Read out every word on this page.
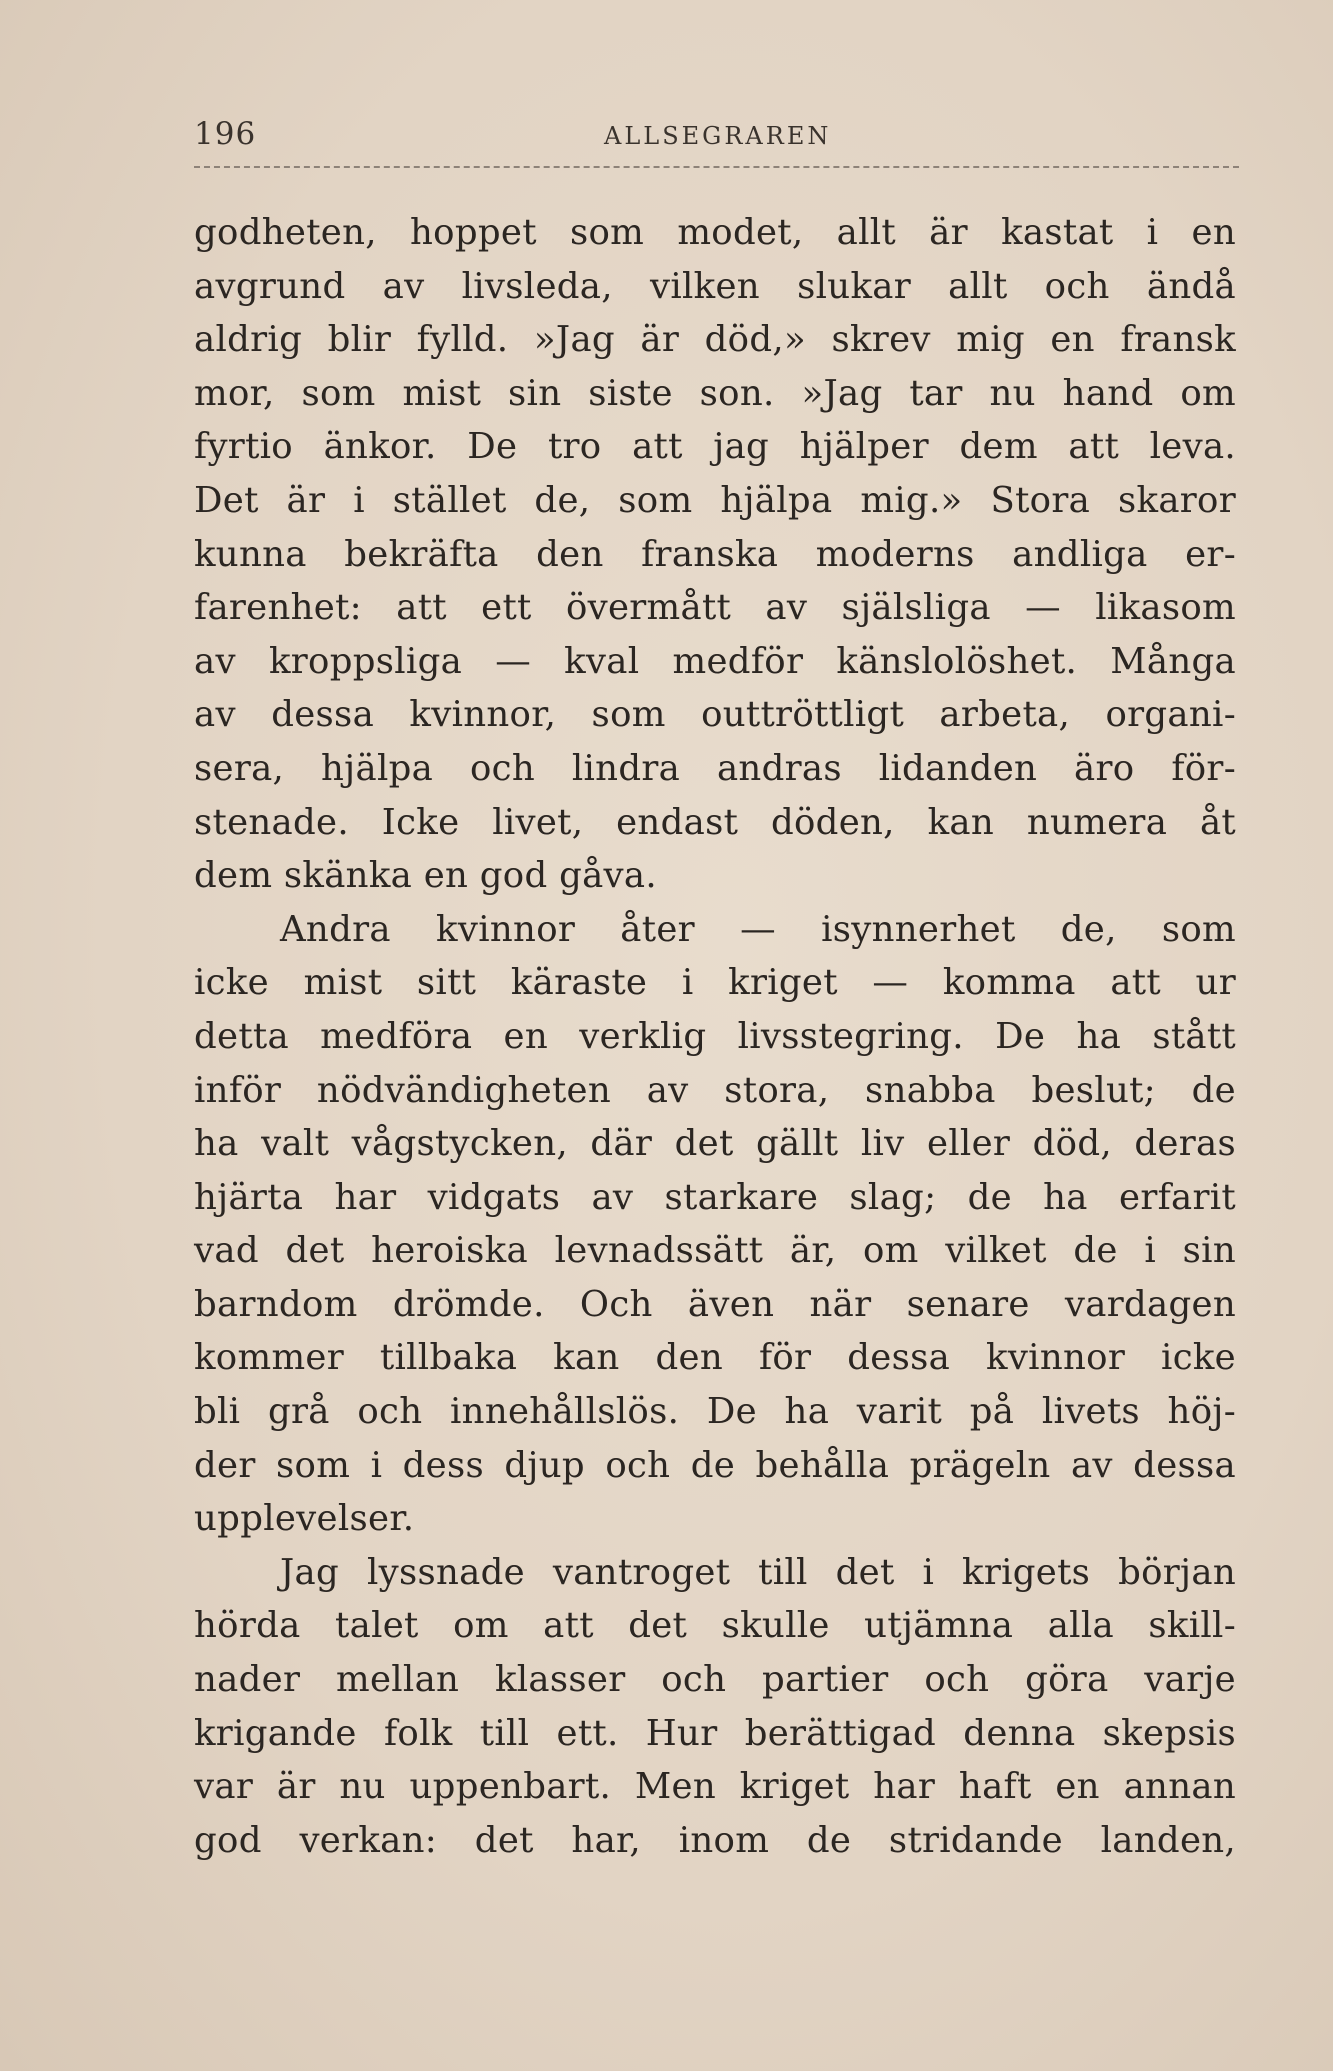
196	ALLSEGRAREN
godheten, hoppet som modet, allt är kastat i en
avgrund av livsleda, vilken slukar allt och ändå
aldrig blir fylld. »Jag är död,» skrev mig en fransk
mor, som mist sin siste son. »Jag tar nu hand om
fyrtio änkor. De tro att jag hjälper dem att leva.
Det är i stället de, som hjälpa mig.» Stora skaror
kunna bekräfta den franska moderns andliga er-
farenhet: att ett övermått av själsliga — likasom
av kroppsliga — kval medför känslolöshet. Många
av dessa kvinnor, som outtröttligt arbeta, organi-
sera, hjälpa och lindra andras lidanden äro för-
stenade. Icke livet, endast döden, kan numera åt
dem skänka en god gåva.
Andra kvinnor åter — isynnerhet de, som
icke mist sitt käraste i kriget — komma att ur
detta medföra en verklig livsstegring. De ha stått
inför nödvändigheten av stora, snabba beslut; de
ha valt vågstycken, där det gällt liv eller död, deras
hjärta har vidgats av starkare slag; de ha erfarit
vad det heroiska levnadssätt är, om vilket de i sin
barndom drömde. Och även när senare vardagen
kommer tillbaka kan den för dessa kvinnor icke
bli grå och innehållslös. De ha varit på livets höj-
der som i dess djup och de behålla prägeln av dessa
upplevelser.
Jag lyssnade vantroget till det i krigets början
hörda talet om att det skulle utjämna alla skill-
nader mellan klasser och partier och göra varje
krigande folk till ett. Hur berättigad denna skepsis
var är nu uppenbart. Men kriget har haft en annan
god verkan: det har, inom de stridande landen,
